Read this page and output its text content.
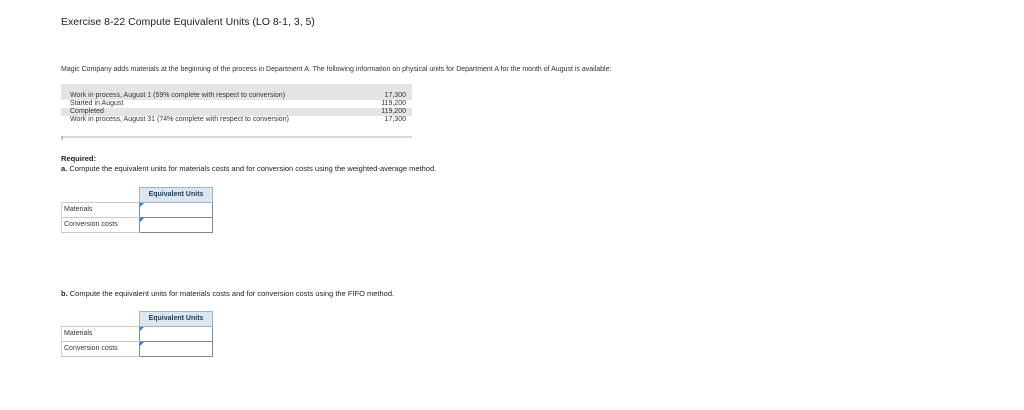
Exercise 8-22 Compute Equivalent Units (LO 8-1, 3, 5)
Magic Company adds materials at the beginning of the process in Department A. The following information on physical units for Department A for the month of August is available:
Work in process, August 1 (59% complete with respect to conversion)	17,300
Started in August	119,200
Completed	119,200
Work in process, August 31 (74% complete with respect to conversion)	17,300
Required:
a. Compute the equivalent units for materials costs and for conversion costs using the weighted-average method.
	Equivalent Units
Materials	

Conversion costs	
b. Compute the equivalent units for materials costs and for conversion costs using the FIFO method.
	Equivalent Units
Materials	

Conversion costs	
